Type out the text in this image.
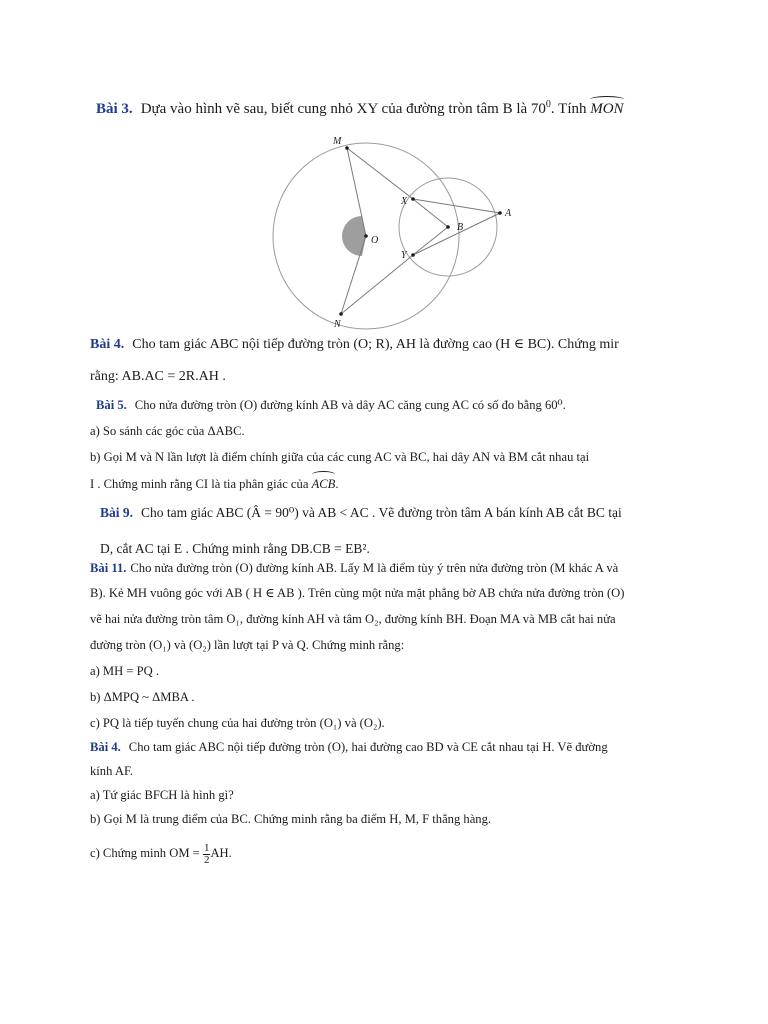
Bài 3. Dựa vào hình vẽ sau, biết cung nhỏ XY của đường tròn tâm B là $70^0$. Tính MON
M
X
A
B
O
Y
N
Bài 4. Cho tam giác ABC nội tiếp đường tròn (O; R), AH là đường cao (H ∈ BC). Chứng mir
rằng: AB.AC = 2R.AH .
Bài 5. Cho nửa đường tròn (O) đường kính AB và dây AC căng cung AC có số đo bằng 60⁰.
a) So sánh các góc của ΔABC.
b) Gọi M và N lần lượt là điểm chính giữa của các cung AC và BC, hai dây AN và BM cắt nhau tại
I . Chứng minh rằng CI là tia phân giác của ACB.
Bài 9. Cho tam giác ABC (Â = 90⁰) và AB < AC . Vẽ đường tròn tâm A bán kính AB cắt BC tại
D, cắt AC tại E . Chứng minh rằng DB.CB = EB².
Bài 11. Cho nửa đường tròn (O) đường kính AB. Lấy M là điểm tùy ý trên nửa đường tròn (M khác A và
B). Kẻ MH vuông góc với AB ( H ∈ AB ). Trên cùng một nửa mặt phẳng bờ AB chứa nửa đường tròn (O)
vẽ hai nửa đường tròn tâm O₁, đường kính AH và tâm O₂, đường kính BH. Đoạn MA và MB cắt hai nửa
đường tròn (O₁) và (O₂) lần lượt tại P và Q. Chứng minh rằng:
a) MH = PQ .
b) ΔMPQ ~ ΔMBA .
c) PQ là tiếp tuyến chung của hai đường tròn (O₁) và (O₂).
Bài 4. Cho tam giác ABC nội tiếp đường tròn (O), hai đường cao BD và CE cắt nhau tại H. Vẽ đường
kính AF.
a) Tứ giác BFCH là hình gì?
b) Gọi M là trung điểm của BC. Chứng minh rằng ba điểm H, M, F thẳng hàng.
c) Chứng minh OM = $\frac{1}{2}$ AH.
